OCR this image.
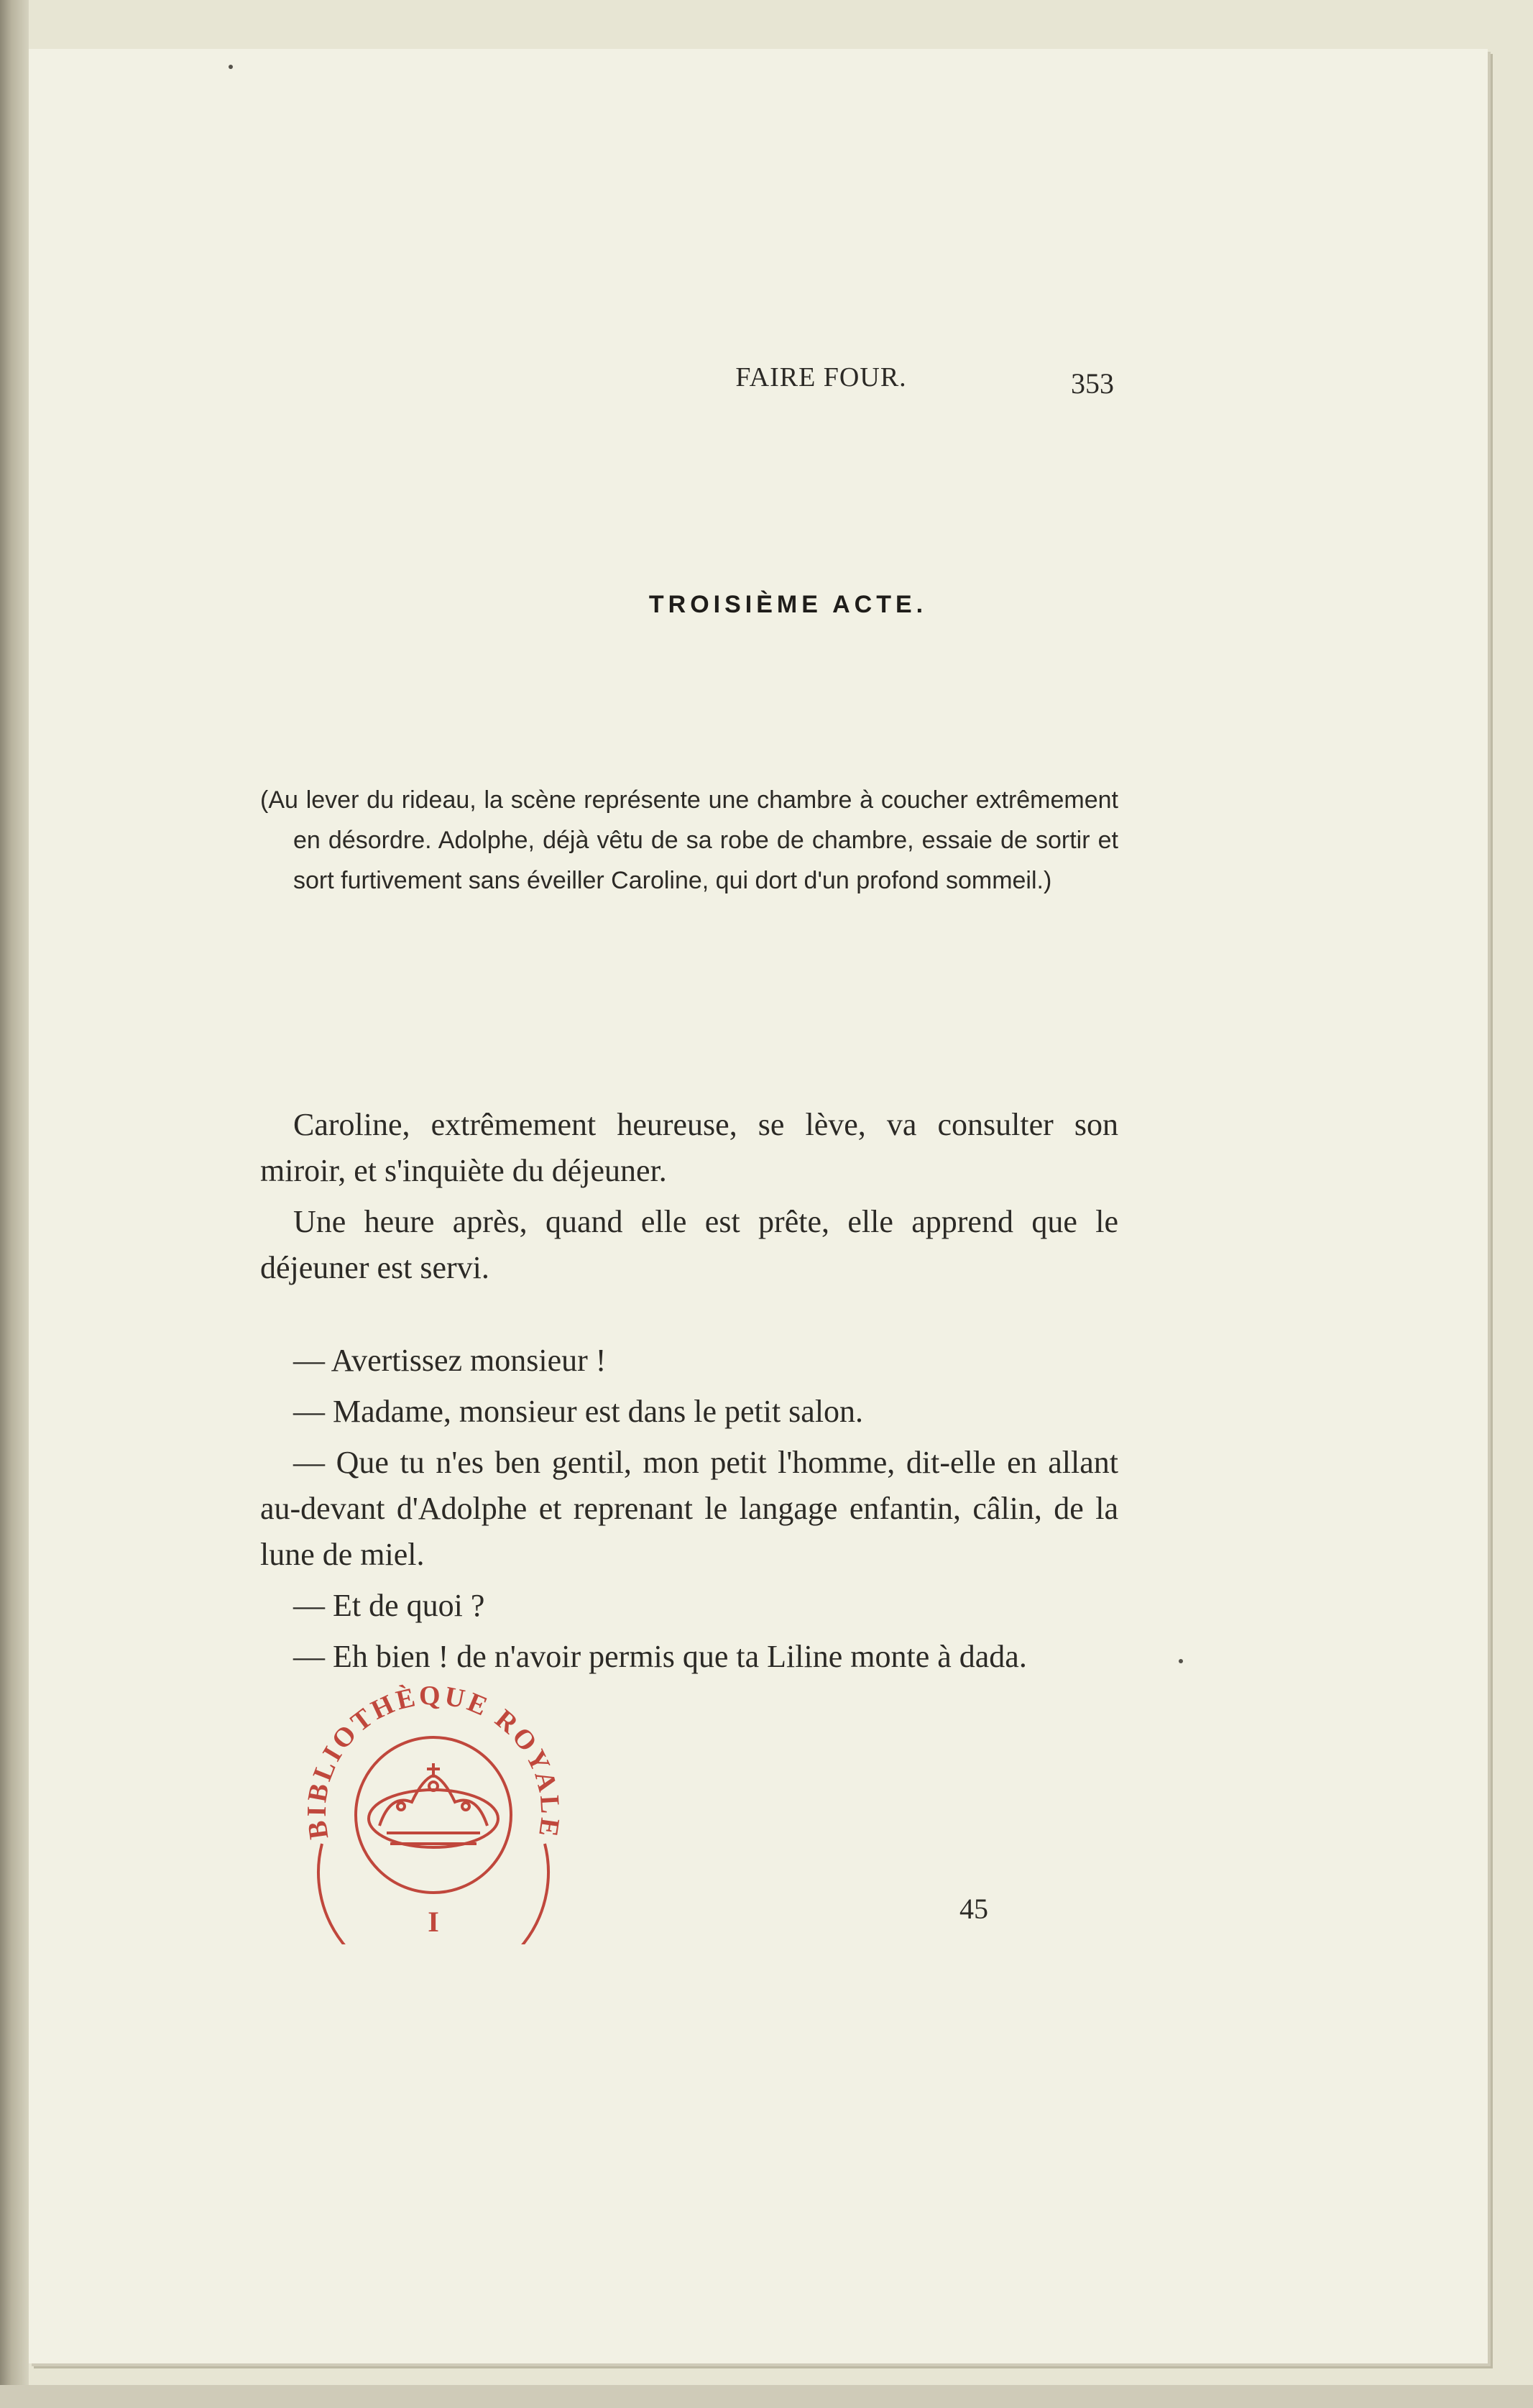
FAIRE FOUR.	353
TROISIÈME ACTE.
(Au lever du rideau, la scène représente une chambre à coucher extrêmement en désordre. Adolphe, déjà vêtu de sa robe de chambre, essaie de sortir et sort furtivement sans éveiller Caroline, qui dort d'un profond sommeil.)

Caroline, extrêmement heureuse, se lève, va consulter son miroir, et s'inquiète du déjeuner.

Une heure après, quand elle est prête, elle apprend que le déjeuner est servi.

— Avertissez monsieur !

— Madame, monsieur est dans le petit salon.

— Que tu n'es ben gentil, mon petit l'homme, dit-elle en allant au-devant d'Adolphe et reprenant le langage enfantin, câlin, de la lune de miel.

— Et de quoi ?

— Eh bien ! de n'avoir permis que ta Liline monte à dada.

45
BIBLIOTHÈQUE ROYALE
I
